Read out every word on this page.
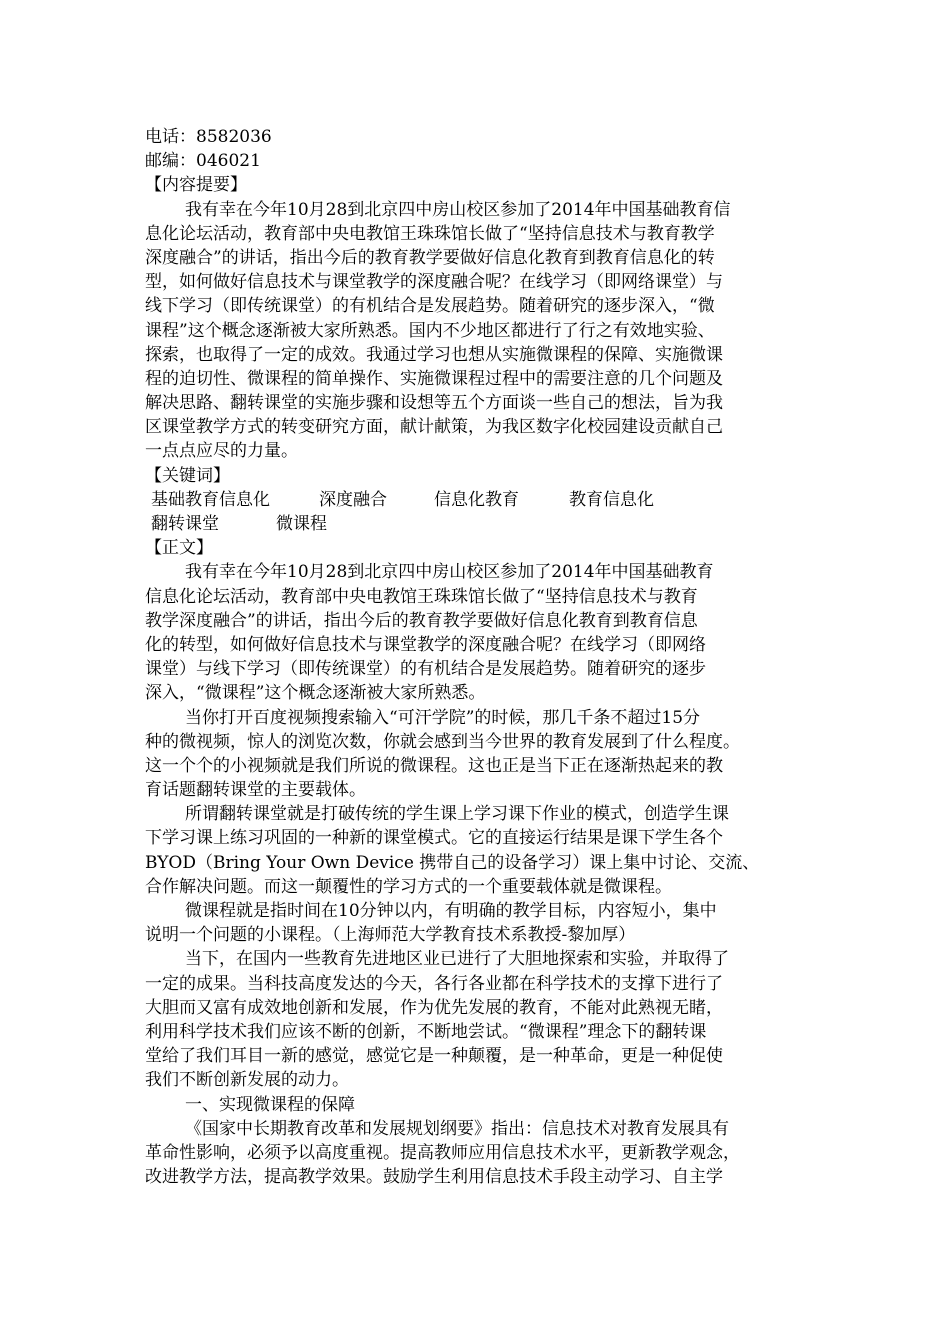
电话：8582036

邮编：046021

【内容提要】

我有幸在今年10月28到北京四中房山校区参加了2014年中国基础教育信

息化论坛活动，教育部中央电教馆王珠珠馆长做了“坚持信息技术与教育教学

深度融合”的讲话，指出今后的教育教学要做好信息化教育到教育信息化的转

型，如何做好信息技术与课堂教学的深度融合呢？在线学习（即网络课堂）与

线下学习（即传统课堂）的有机结合是发展趋势。随着研究的逐步深入，“微

课程”这个概念逐渐被大家所熟悉。国内不少地区都进行了行之有效地实验、

探索，也取得了一定的成效。我通过学习也想从实施微课程的保障、实施微课

程的迫切性、微课程的简单操作、实施微课程过程中的需要注意的几个问题及

解决思路、翻转课堂的实施步骤和设想等五个方面谈一些自己的想法，旨为我

区课堂教学方式的转变研究方面，献计献策，为我区数字化校园建设贡献自己

一点点应尽的力量。

【关键词】

基础教育信息化	深度融合	信息化教育	教育信息化
翻转课堂	微课程

【正文】

我有幸在今年10月28到北京四中房山校区参加了2014年中国基础教育

信息化论坛活动，教育部中央电教馆王珠珠馆长做了“坚持信息技术与教育

教学深度融合”的讲话，指出今后的教育教学要做好信息化教育到教育信息

化的转型，如何做好信息技术与课堂教学的深度融合呢？在线学习（即网络

课堂）与线下学习（即传统课堂）的有机结合是发展趋势。随着研究的逐步

深入，“微课程”这个概念逐渐被大家所熟悉。

当你打开百度视频搜索输入“可汗学院”的时候，那几千条不超过15分

种的微视频，惊人的浏览次数，你就会感到当今世界的教育发展到了什么程度。

这一个个的小视频就是我们所说的微课程。这也正是当下正在逐渐热起来的教

育话题翻转课堂的主要载体。

所谓翻转课堂就是打破传统的学生课上学习课下作业的模式，创造学生课

下学习课上练习巩固的一种新的课堂模式。它的直接运行结果是课下学生各个

BYOD（Bring Your Own Device 携带自己的设备学习）课上集中讨论、交流、

合作解决问题。而这一颠覆性的学习方式的一个重要载体就是微课程。

微课程就是指时间在10分钟以内，有明确的教学目标，内容短小，集中

说明一个问题的小课程。（上海师范大学教育技术系教授-黎加厚）

当下，在国内一些教育先进地区业已进行了大胆地探索和实验，并取得了

一定的成果。当科技高度发达的今天，各行各业都在科学技术的支撑下进行了

大胆而又富有成效地创新和发展，作为优先发展的教育，不能对此熟视无睹，

利用科学技术我们应该不断的创新，不断地尝试。“微课程”理念下的翻转课

堂给了我们耳目一新的感觉，感觉它是一种颠覆，是一种革命，更是一种促使

我们不断创新发展的动力。

一、实现微课程的保障

《国家中长期教育改革和发展规划纲要》指出：信息技术对教育发展具有

革命性影响，必须予以高度重视。提高教师应用信息技术水平，更新教学观念，

改进教学方法，提高教学效果。鼓励学生利用信息技术手段主动学习、自主学
